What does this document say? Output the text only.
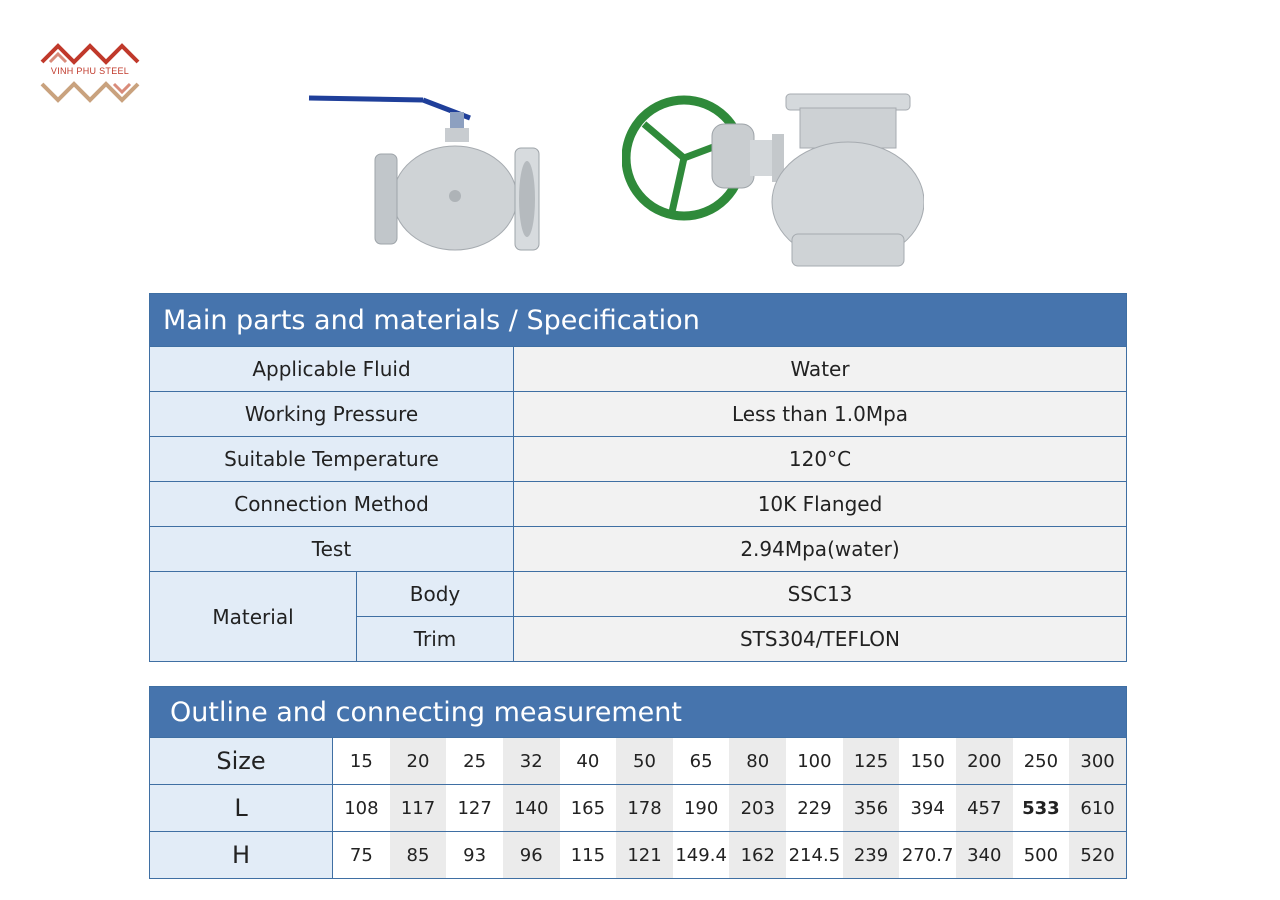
VINH PHU STEEL
Main parts and materials / Specification		
Applicable Fluid		Water
Working Pressure		Less than 1.0Mpa
Suitable Temperature		120°C
Connection Method		10K Flanged
Test		2.94Mpa(water)
Material	Body	SSC13
	Trim	STS304/TEFLON
Outline and connecting measurement														
Size	15	20	25	32	40	50	65	80	100	125	150	200	250	300
L	108	117	127	140	165	178	190	203	229	356	394	457	533	610
H	75	85	93	96	115	121	149.4	162	214.5	239	270.7	340	500	520
